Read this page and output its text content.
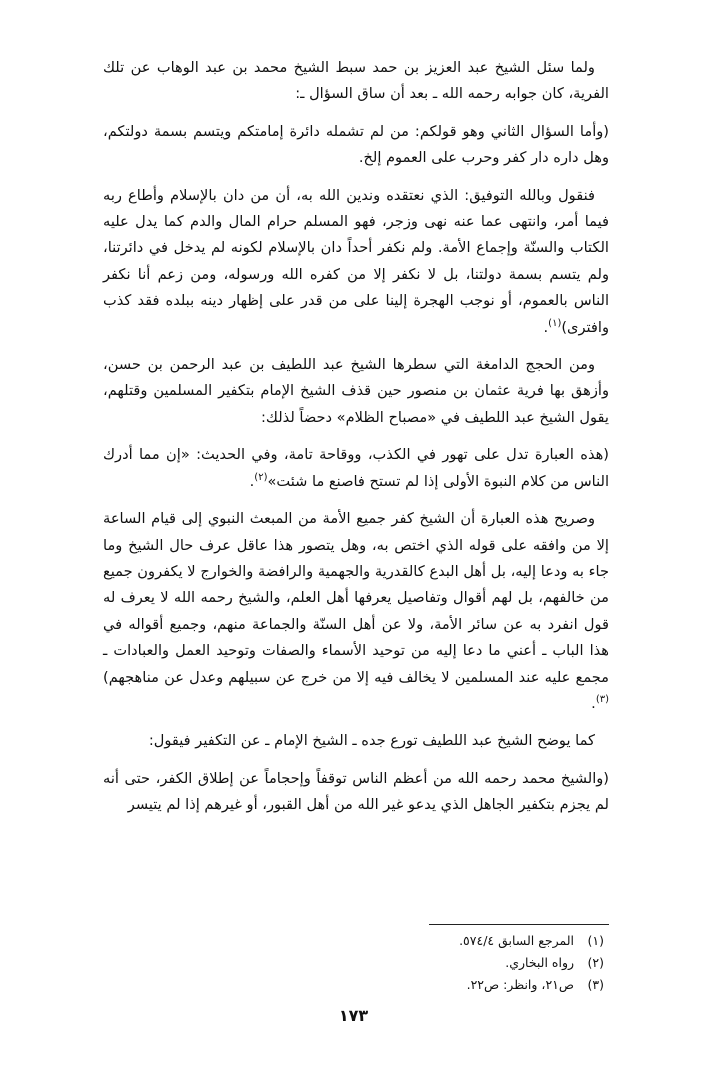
ولما سئل الشيخ عبد العزيز بن حمد سبط الشيخ محمد بن عبد الوهاب عن تلك الفرية، كان جوابه رحمه الله ـ بعد أن ساق السؤال ـ:

(وأما السؤال الثاني وهو قولكم: من لم تشمله دائرة إمامتكم ويتسم بسمة دولتكم، وهل داره دار كفر وحرب على العموم إلخ.

فنقول وبالله التوفيق: الذي نعتقده وندين الله به، أن من دان بالإسلام وأطاع ربه فيما أمر، وانتهى عما عنه نهى وزجر، فهو المسلم حرام المال والدم كما يدل عليه الكتاب والسنّة وإجماع الأمة. ولم نكفر أحداً دان بالإسلام لكونه لم يدخل في دائرتنا، ولم يتسم بسمة دولتنا، بل لا نكفر إلا من كفره الله ورسوله، ومن زعم أنا نكفر الناس بالعموم، أو نوجب الهجرة إلينا على من قدر على إظهار دينه ببلده فقد كذب وافترى)$^{(١)}$.

ومن الحجج الدامغة التي سطرها الشيخ عبد اللطيف بن عبد الرحمن بن حسن، وأزهق بها فرية عثمان بن منصور حين قذف الشيخ الإمام بتكفير المسلمين وقتلهم، يقول الشيخ عبد اللطيف في «مصباح الظلام» دحضاً لذلك:

(هذه العبارة تدل على تهور في الكذب، ووقاحة تامة، وفي الحديث: «إن مما أدرك الناس من كلام النبوة الأولى إذا لم تستح فاصنع ما شئت»$^{(٢)}$.

وصريح هذه العبارة أن الشيخ كفر جميع الأمة من المبعث النبوي إلى قيام الساعة إلا من وافقه على قوله الذي اختص به، وهل يتصور هذا عاقل عرف حال الشيخ وما جاء به ودعا إليه، بل أهل البدع كالقدرية والجهمية والرافضة والخوارج لا يكفرون جميع من خالفهم، بل لهم أقوال وتفاصيل يعرفها أهل العلم، والشيخ رحمه الله لا يعرف له قول انفرد به عن سائر الأمة، ولا عن أهل السنّة والجماعة منهم، وجميع أقواله في هذا الباب ـ أعني ما دعا إليه من توحيد الأسماء والصفات وتوحيد العمل والعبادات ـ مجمع عليه عند المسلمين لا يخالف فيه إلا من خرج عن سبيلهم وعدل عن مناهجهم)$^{(٣)}$.

كما يوضح الشيخ عبد اللطيف تورع جده ـ الشيخ الإمام ـ عن التكفير فيقول:

(والشيخ محمد رحمه الله من أعظم الناس توقفاً وإحجاماً عن إطلاق الكفر، حتى أنه لم يجزم بتكفير الجاهل الذي يدعو غير الله من أهل القبور، أو غيرهم إذا لم يتيسر

(١) المرجع السابق ٥٧٤/٤.

(٢) رواه البخاري.

(٣) ص٢١، وانظر: ص٢٢.

١٧٣
